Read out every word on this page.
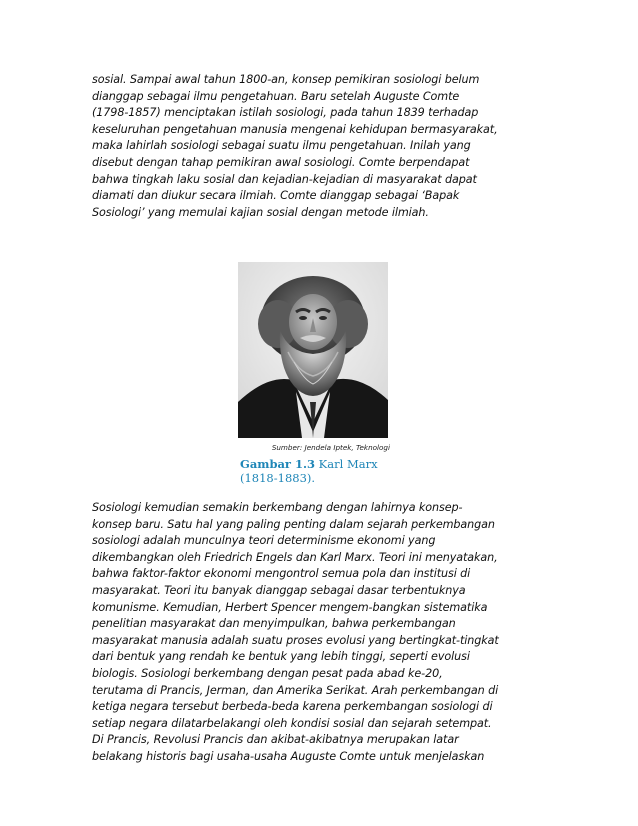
sosial. Sampai awal tahun 1800-an, konsep pemikiran sosiologi belum
dianggap sebagai ilmu pengetahuan. Baru setelah Auguste Comte
(1798-1857) menciptakan istilah sosiologi, pada tahun 1839 terhadap
keseluruhan pengetahuan manusia mengenai kehidupan bermasyarakat,
maka lahirlah sosiologi sebagai suatu ilmu pengetahuan. Inilah yang
disebut dengan tahap pemikiran awal sosiologi. Comte berpendapat
bahwa tingkah laku sosial dan kejadian-kejadian di masyarakat dapat
diamati dan diukur secara ilmiah. Comte dianggap sebagai ‘Bapak
Sosiologi’ yang memulai kajian sosial dengan metode ilmiah.

Sumber: Jendela Iptek, Teknologi
Gambar 1.3 Karl Marx
(1818-1883).

Sosiologi kemudian semakin berkembang dengan lahirnya konsep-
konsep baru. Satu hal yang paling penting dalam sejarah perkembangan
sosiologi adalah munculnya teori determinisme ekonomi yang
dikembangkan oleh Friedrich Engels dan Karl Marx. Teori ini menyatakan,
bahwa faktor-faktor ekonomi mengontrol semua pola dan institusi di
masyarakat. Teori itu banyak dianggap sebagai dasar terbentuknya
komunisme. Kemudian, Herbert Spencer mengem-bangkan sistematika
penelitian masyarakat dan menyimpulkan, bahwa perkembangan
masyarakat manusia adalah suatu proses evolusi yang bertingkat-tingkat
dari bentuk yang rendah ke bentuk yang lebih tinggi, seperti evolusi
biologis. Sosiologi berkembang dengan pesat pada abad ke-20,
terutama di Prancis, Jerman, dan Amerika Serikat. Arah perkembangan di
ketiga negara tersebut berbeda-beda karena perkembangan sosiologi di
setiap negara dilatarbelakangi oleh kondisi sosial dan sejarah setempat.
Di Prancis, Revolusi Prancis dan akibat-akibatnya merupakan latar
belakang historis bagi usaha-usaha Auguste Comte untuk menjelaskan
